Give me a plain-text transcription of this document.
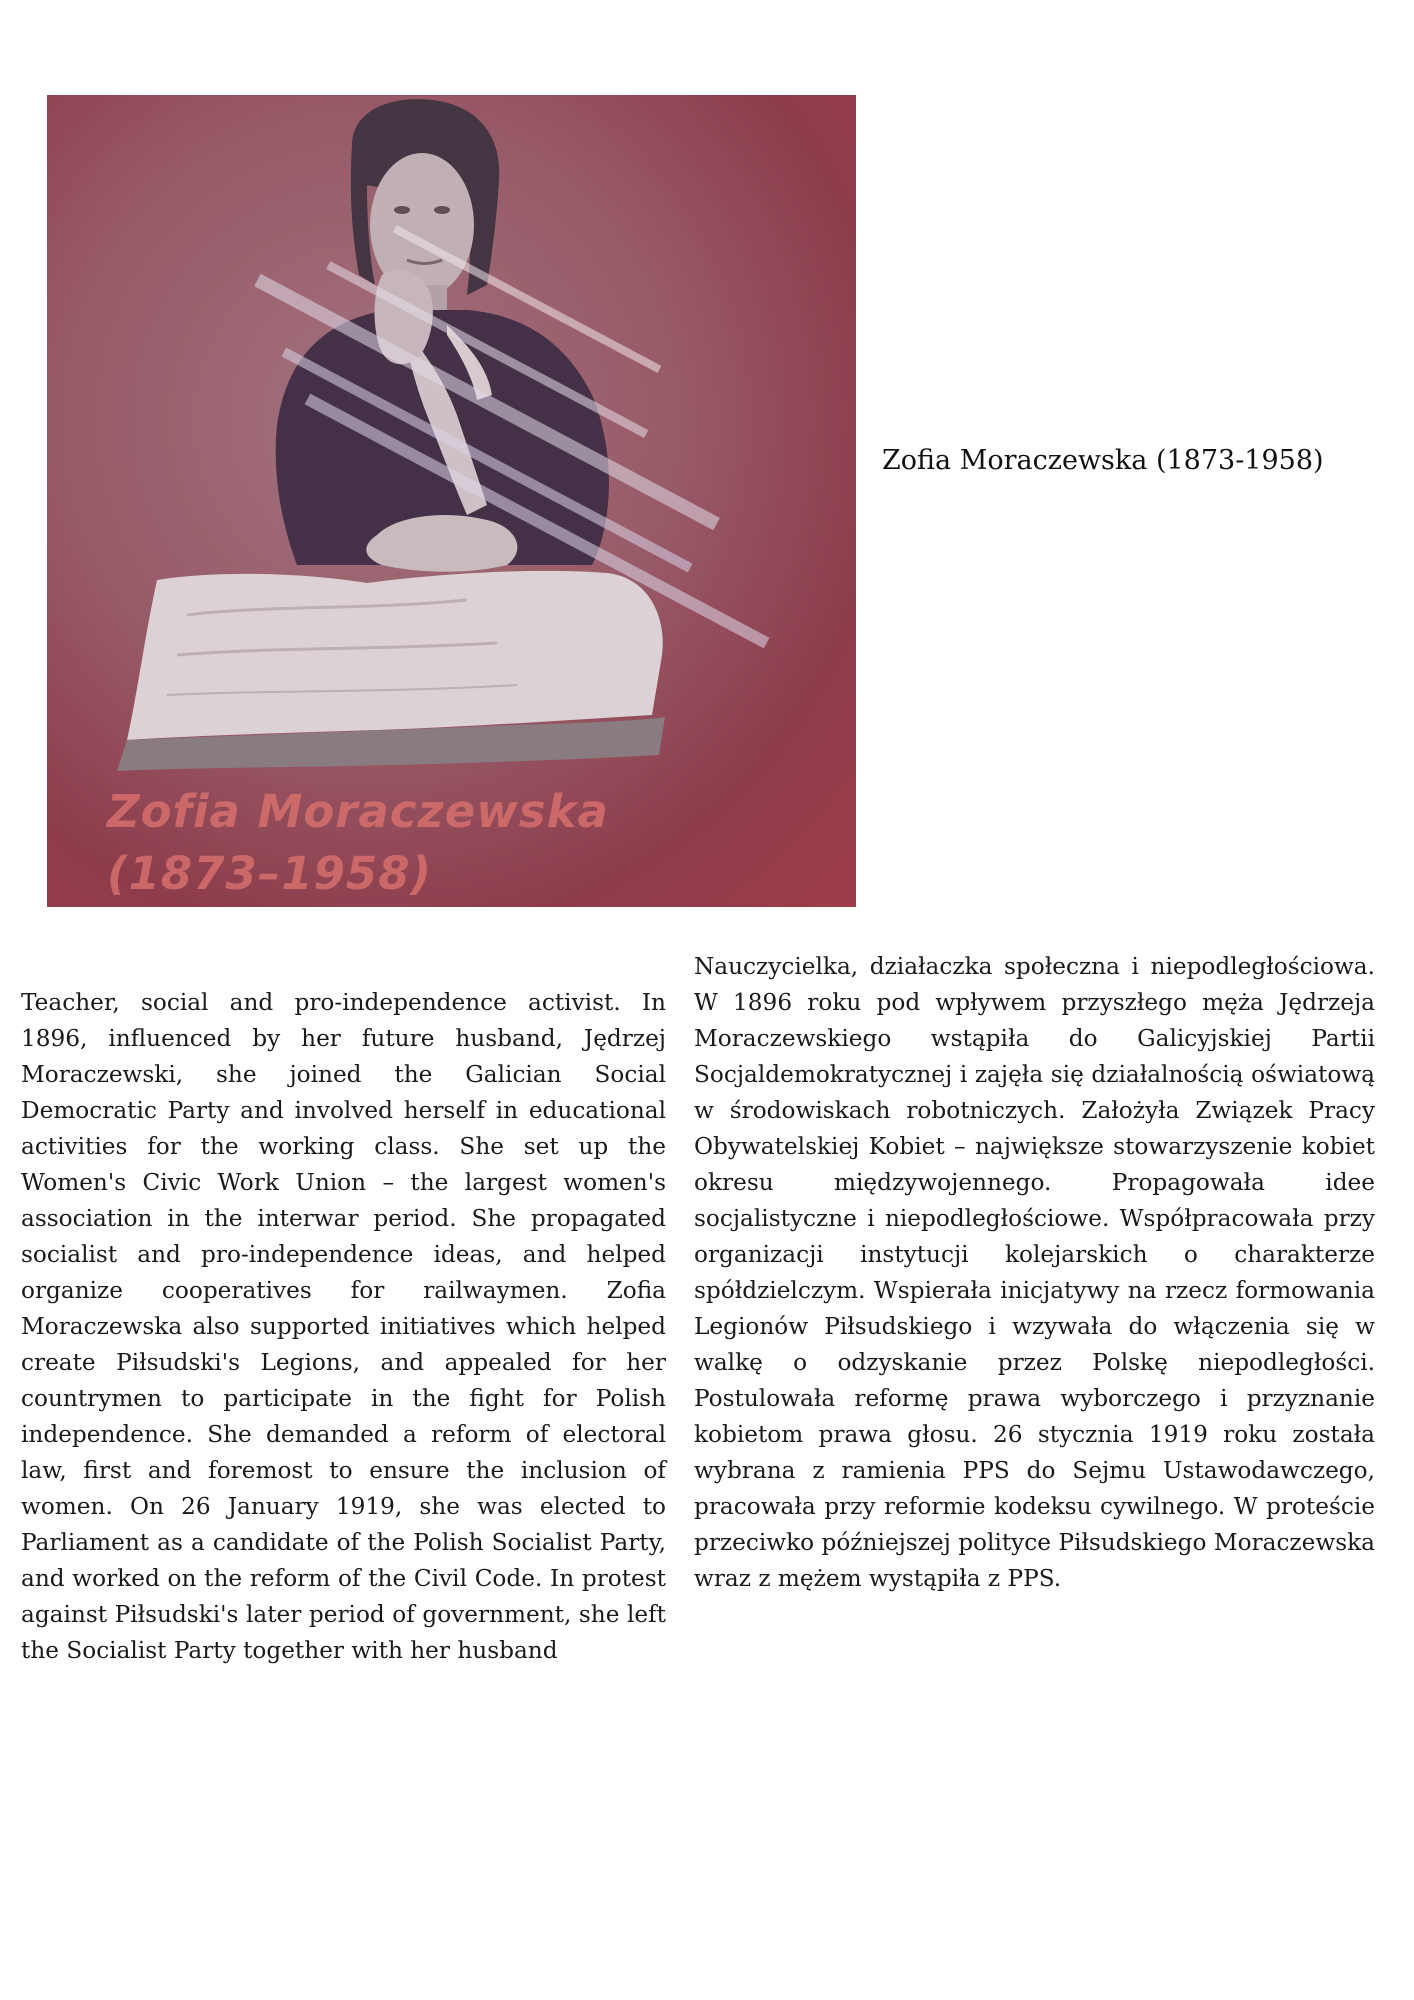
Zofia Moraczewska
(1873–1958)
Zofia Moraczewska (1873-1958)
Teacher, social and pro-independence activist. In 1896, influenced by her future husband, Jędrzej Moraczewski, she joined the Galician Social Democratic Party and involved herself in educational activities for the working class. She set up the Women's Civic Work Union – the largest women's association in the interwar period. She propagated socialist and pro-independence ideas, and helped organize cooperatives for railwaymen. Zofia Moraczewska also supported initiatives which helped create Piłsudski's Legions, and appealed for her countrymen to participate in the fight for Polish independence. She demanded a reform of electoral law, first and foremost to ensure the inclusion of women. On 26 January 1919, she was elected to Parliament as a candidate of the Polish Socialist Party, and worked on the reform of the Civil Code. In protest against Piłsudski's later period of government, she left the Socialist Party together with her husband
Nauczycielka, działaczka społeczna i niepodległościowa. W 1896 roku pod wpływem przyszłego męża Jędrzeja Moraczewskiego wstąpiła do Galicyjskiej Partii Socjaldemokratycznej i zajęła się działalnością oświatową w środowiskach robotniczych. Założyła Związek Pracy Obywatelskiej Kobiet – największe stowarzyszenie kobiet okresu międzywojennego. Propagowała idee socjalistyczne i niepodległościowe. Współpracowała przy organizacji instytucji kolejarskich o charakterze spółdzielczym. Wspierała inicjatywy na rzecz formowania Legionów Piłsudskiego i wzywała do włączenia się w walkę o odzyskanie przez Polskę niepodległości. Postulowała reformę prawa wyborczego i przyznanie kobietom prawa głosu. 26 stycznia 1919 roku została wybrana z ramienia PPS do Sejmu Ustawodawczego, pracowała przy reformie kodeksu cywilnego. W proteście przeciwko późniejszej polityce Piłsudskiego Moraczewska wraz z mężem wystąpiła z PPS.
